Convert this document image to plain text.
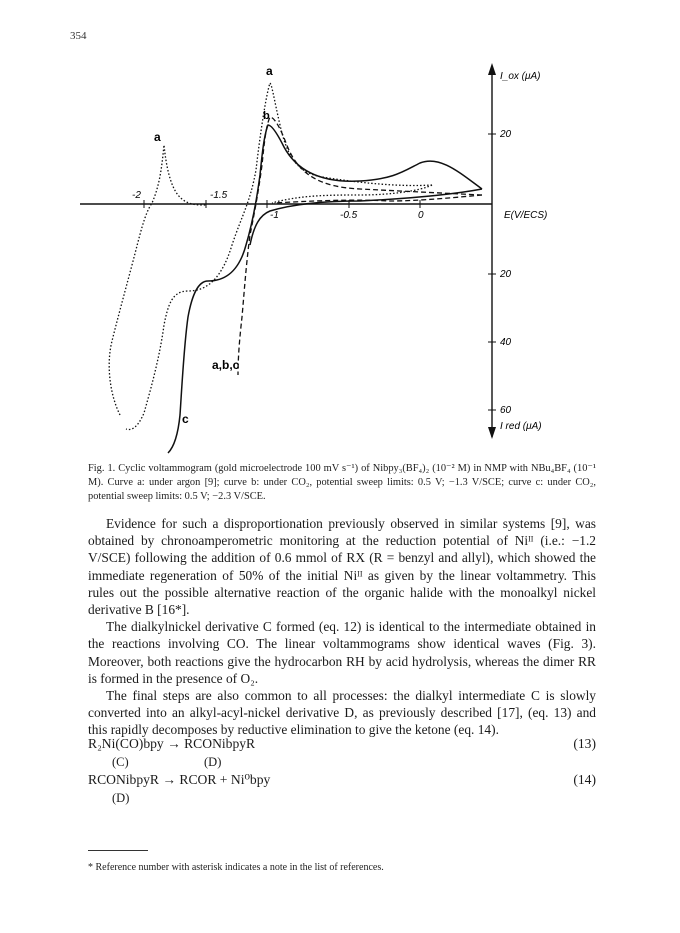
354
-2	-1.5
-1	-0.5	0
20
20
40
60
I_ox (μA)
I red (μA)
E(V/ECS)
a
a
b
a,b,c
c
Fig. 1. Cyclic voltammogram (gold microelectrode 100 mV s⁻¹) of Nibpy₃(BF₄)₂ (10⁻² M) in NMP with NBu₄BF₄ (10⁻¹ M). Curve a: under argon [9]; curve b: under CO₂, potential sweep limits: 0.5 V; −1.3 V/SCE; curve c: under CO₂, potential sweep limits: 0.5 V; −2.3 V/SCE.

Evidence for such a disproportionation previously observed in similar systems [9], was obtained by chronoamperometric monitoring at the reduction potential of Niᴵᴵ (i.e.: −1.2 V/SCE) following the addition of 0.6 mmol of RX (R = benzyl and allyl), which showed the immediate regeneration of 50% of the initial Niᴵᴵ as given by the linear voltammetry. This rules out the possible alternative reaction of the organic halide with the monoalkyl nickel derivative B [16*].

The dialkylnickel derivative C formed (eq. 12) is identical to the intermediate obtained in the reactions involving CO. The linear voltammograms show identical waves (Fig. 3). Moreover, both reactions give the hydrocarbon RH by acid hydrolysis, whereas the dimer RR is formed in the presence of O₂.

The final steps are also common to all processes: the dialkyl intermediate C is slowly converted into an alkyl-acyl-nickel derivative D, as previously described [17], (eq. 13) and this rapidly decomposes by reductive elimination to give the ketone (eq. 14).

R₂Ni(CO)bpy → RCONibpyR	(13)
(C)	(D)
RCONibpyR → RCOR + Ni⁰bpy	(14)
(D)
* Reference number with asterisk indicates a note in the list of references.
